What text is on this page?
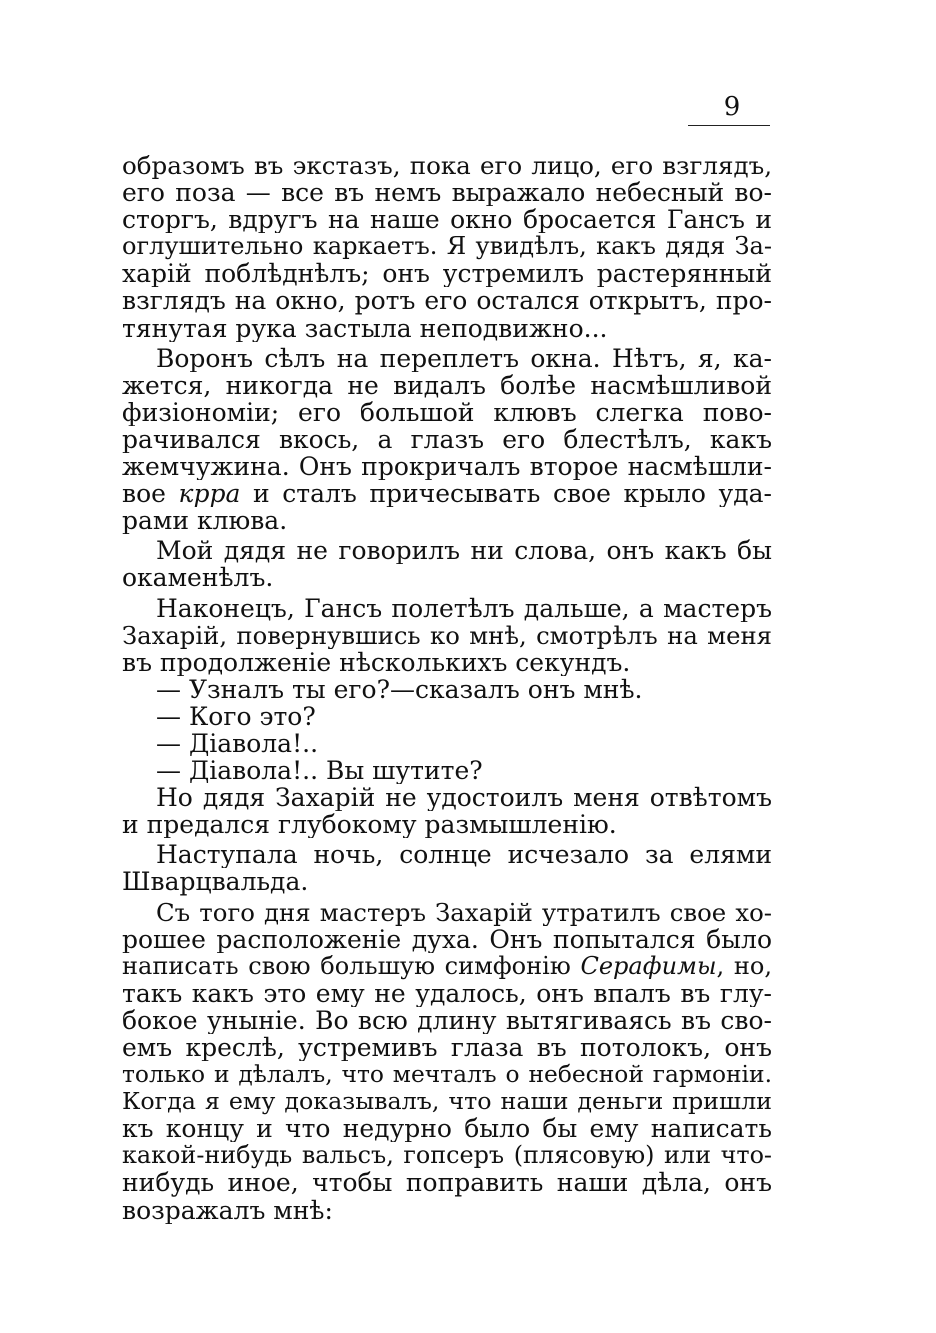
9
образомъ въ экстазъ, пока его лицо, его взглядъ,
его поза — все въ немъ выражало небесный во-
сторгъ, вдругъ на наше окно бросается Гансъ и
оглушительно каркаетъ. Я увидѣлъ, какъ дядя За-
харій поблѣднѣлъ; онъ устремилъ растерянный
взглядъ на окно, ротъ его остался открытъ, про-
тянутая рука застыла неподвижно...
Воронъ сѣлъ на переплетъ окна. Нѣтъ, я, ка-
жется, никогда не видалъ болѣе насмѣшливой
физіономіи; его большой клювъ слегка пово-
рачивался вкось, а глазъ его блестѣлъ, какъ
жемчужина. Онъ прокричалъ второе насмѣшли-
вое крра и сталъ причесывать свое крыло уда-
рами клюва.
Мой дядя не говорилъ ни слова, онъ какъ бы
окаменѣлъ.
Наконецъ, Гансъ полетѣлъ дальше, а мастеръ
Захарій, повернувшись ко мнѣ, смотрѣлъ на меня
въ продолженіе нѣсколькихъ секундъ.
— Узналъ ты его?—сказалъ онъ мнѣ.
— Кого это?
— Діавола!..
— Діавола!.. Вы шутите?
Но дядя Захарій не удостоилъ меня отвѣтомъ
и предался глубокому размышленію.
Наступала ночь, солнце исчезало за елями
Шварцвальда.
Съ того дня мастеръ Захарій утратилъ свое хо-
рошее расположеніе духа. Онъ попытался было
написать свою большую симфонію Серафимы, но,
такъ какъ это ему не удалось, онъ впалъ въ глу-
бокое уныніе. Во всю длину вытягиваясь въ сво-
емъ креслѣ, устремивъ глаза въ потолокъ, онъ
только и дѣлалъ, что мечталъ о небесной гармоніи.
Когда я ему доказывалъ, что наши деньги пришли
къ концу и что недурно было бы ему написать
какой-нибудь вальсъ, гопсеръ (плясовую) или что-
нибудь иное, чтобы поправить наши дѣла, онъ
возражалъ мнѣ:
